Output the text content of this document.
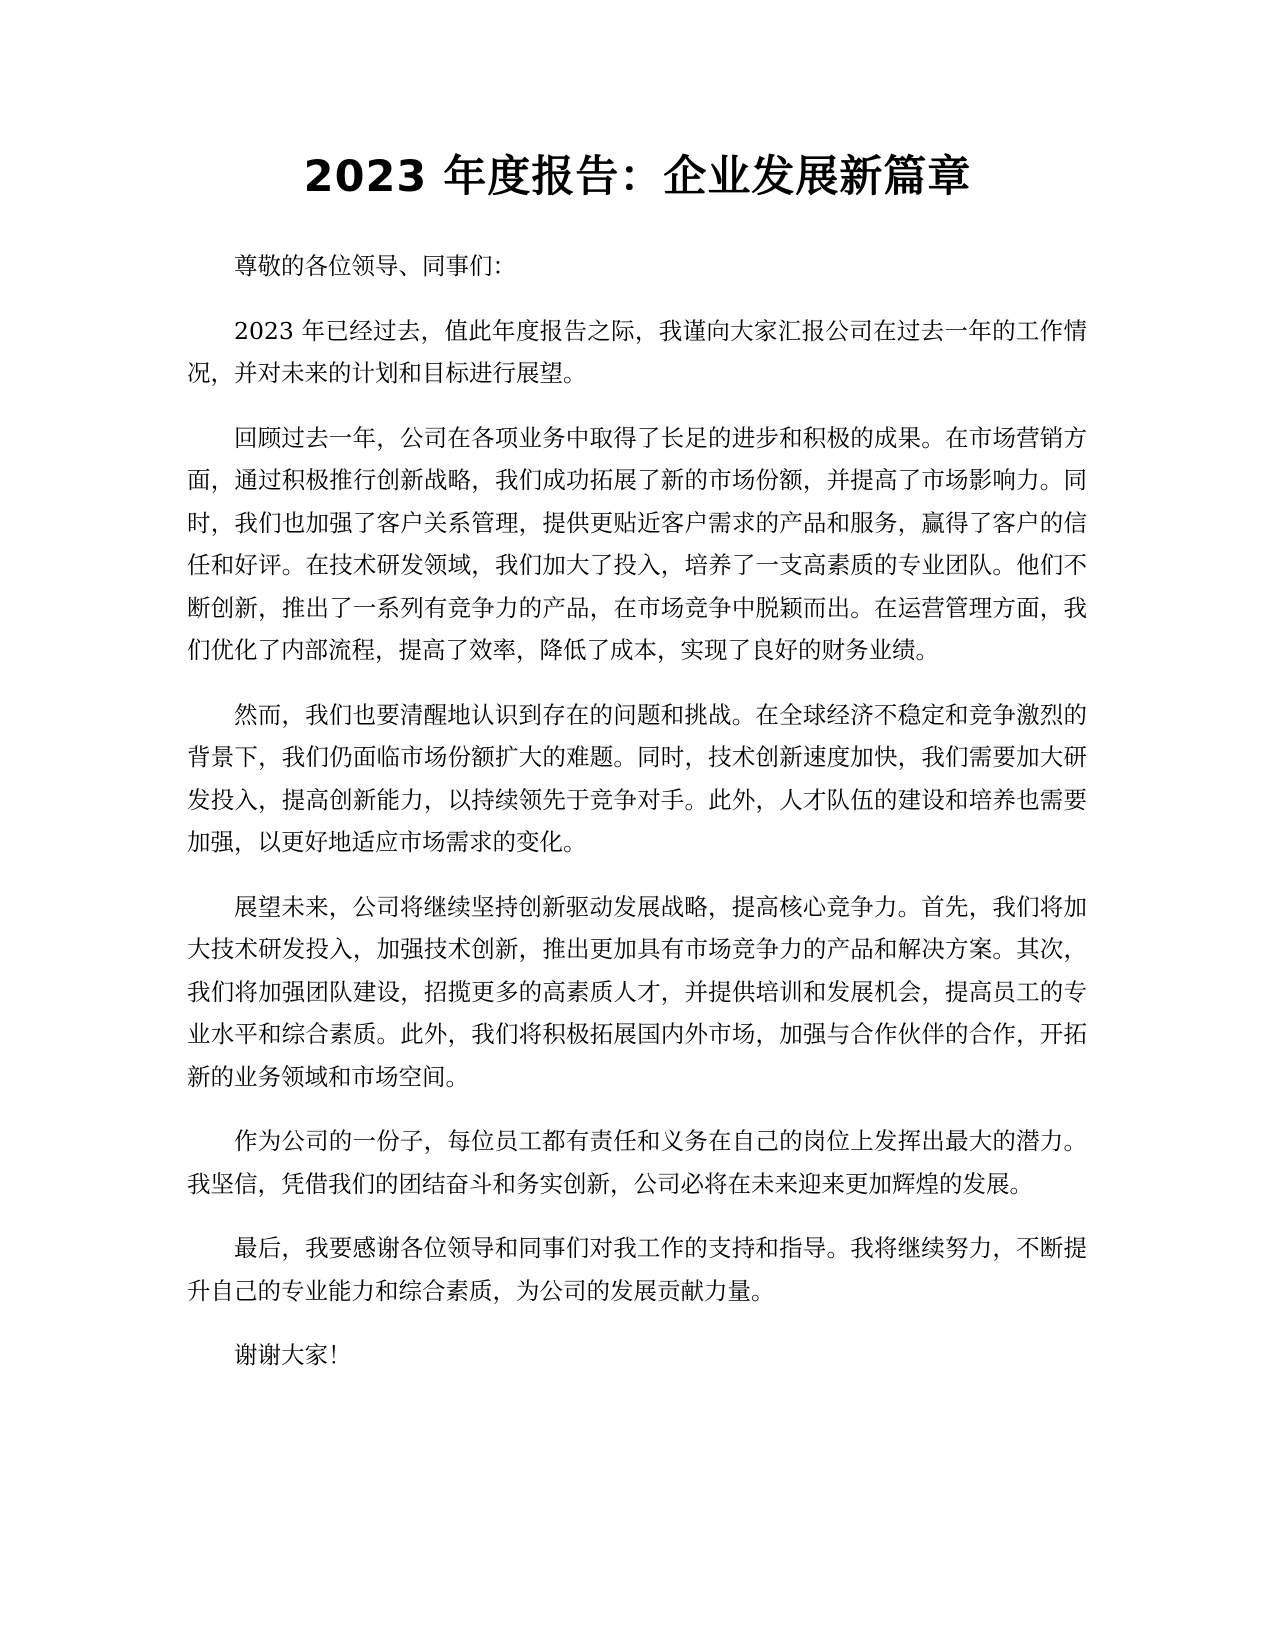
2023 年度报告：企业发展新篇章

尊敬的各位领导、同事们：

2023 年已经过去，值此年度报告之际，我谨向大家汇报公司在过去一年的工作情况，并对未来的计划和目标进行展望。

回顾过去一年，公司在各项业务中取得了长足的进步和积极的成果。在市场营销方面，通过积极推行创新战略，我们成功拓展了新的市场份额，并提高了市场影响力。同时，我们也加强了客户关系管理，提供更贴近客户需求的产品和服务，赢得了客户的信任和好评。在技术研发领域，我们加大了投入，培养了一支高素质的专业团队。他们不断创新，推出了一系列有竞争力的产品，在市场竞争中脱颖而出。在运营管理方面，我们优化了内部流程，提高了效率，降低了成本，实现了良好的财务业绩。

然而，我们也要清醒地认识到存在的问题和挑战。在全球经济不稳定和竞争激烈的背景下，我们仍面临市场份额扩大的难题。同时，技术创新速度加快，我们需要加大研发投入，提高创新能力，以持续领先于竞争对手。此外，人才队伍的建设和培养也需要加强，以更好地适应市场需求的变化。

展望未来，公司将继续坚持创新驱动发展战略，提高核心竞争力。首先，我们将加大技术研发投入，加强技术创新，推出更加具有市场竞争力的产品和解决方案。其次，我们将加强团队建设，招揽更多的高素质人才，并提供培训和发展机会，提高员工的专业水平和综合素质。此外，我们将积极拓展国内外市场，加强与合作伙伴的合作，开拓新的业务领域和市场空间。

作为公司的一份子，每位员工都有责任和义务在自己的岗位上发挥出最大的潜力。我坚信，凭借我们的团结奋斗和务实创新，公司必将在未来迎来更加辉煌的发展。

最后，我要感谢各位领导和同事们对我工作的支持和指导。我将继续努力，不断提升自己的专业能力和综合素质，为公司的发展贡献力量。

谢谢大家！
